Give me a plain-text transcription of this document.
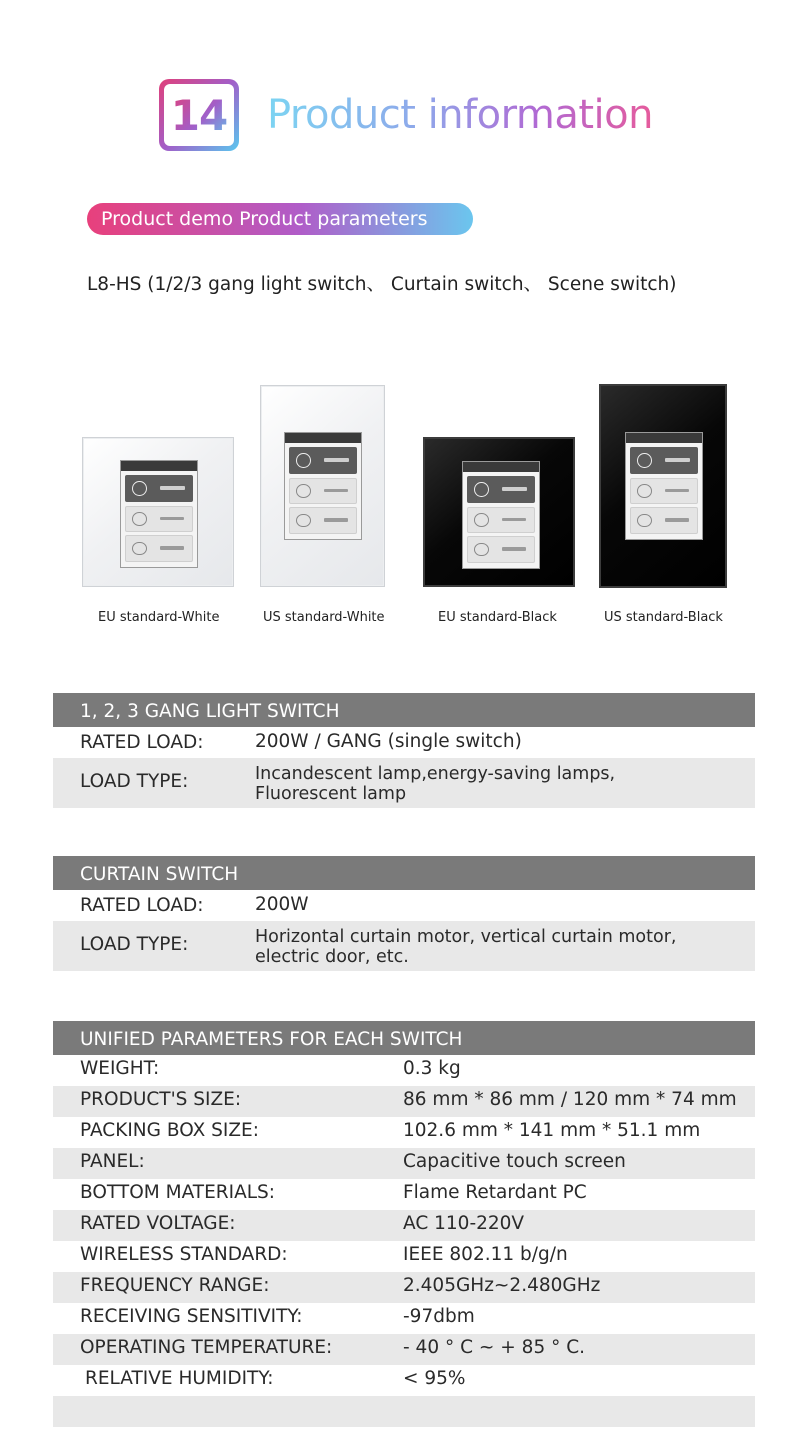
14 Product information
Product demo Product parameters
L8-HS (1/2/3 gang light switch、 Curtain switch、 Scene switch)
EU standard-White	US standard-White	EU standard-Black	US standard-Black
1, 2, 3 GANG LIGHT SWITCH
RATED LOAD:	200W / GANG (single switch)
LOAD TYPE:	Incandescent lamp,energy-saving lamps,
Fluorescent lamp
CURTAIN SWITCH
RATED LOAD:	200W
LOAD TYPE:	Horizontal curtain motor, vertical curtain motor,
electric door, etc.
UNIFIED PARAMETERS FOR EACH SWITCH
WEIGHT:	0.3 kg
PRODUCT'S SIZE:	86 mm * 86 mm / 120 mm * 74 mm
PACKING BOX SIZE:	102.6 mm * 141 mm * 51.1 mm
PANEL:	Capacitive touch screen
BOTTOM MATERIALS:	Flame Retardant PC
RATED VOLTAGE:	AC 110-220V
WIRELESS STANDARD:	IEEE 802.11 b/g/n
FREQUENCY RANGE:	2.405GHz~2.480GHz
RECEIVING SENSITIVITY:	-97dbm
OPERATING TEMPERATURE:	- 40 ° C ~ + 85 ° C.
RELATIVE HUMIDITY:	< 95%
